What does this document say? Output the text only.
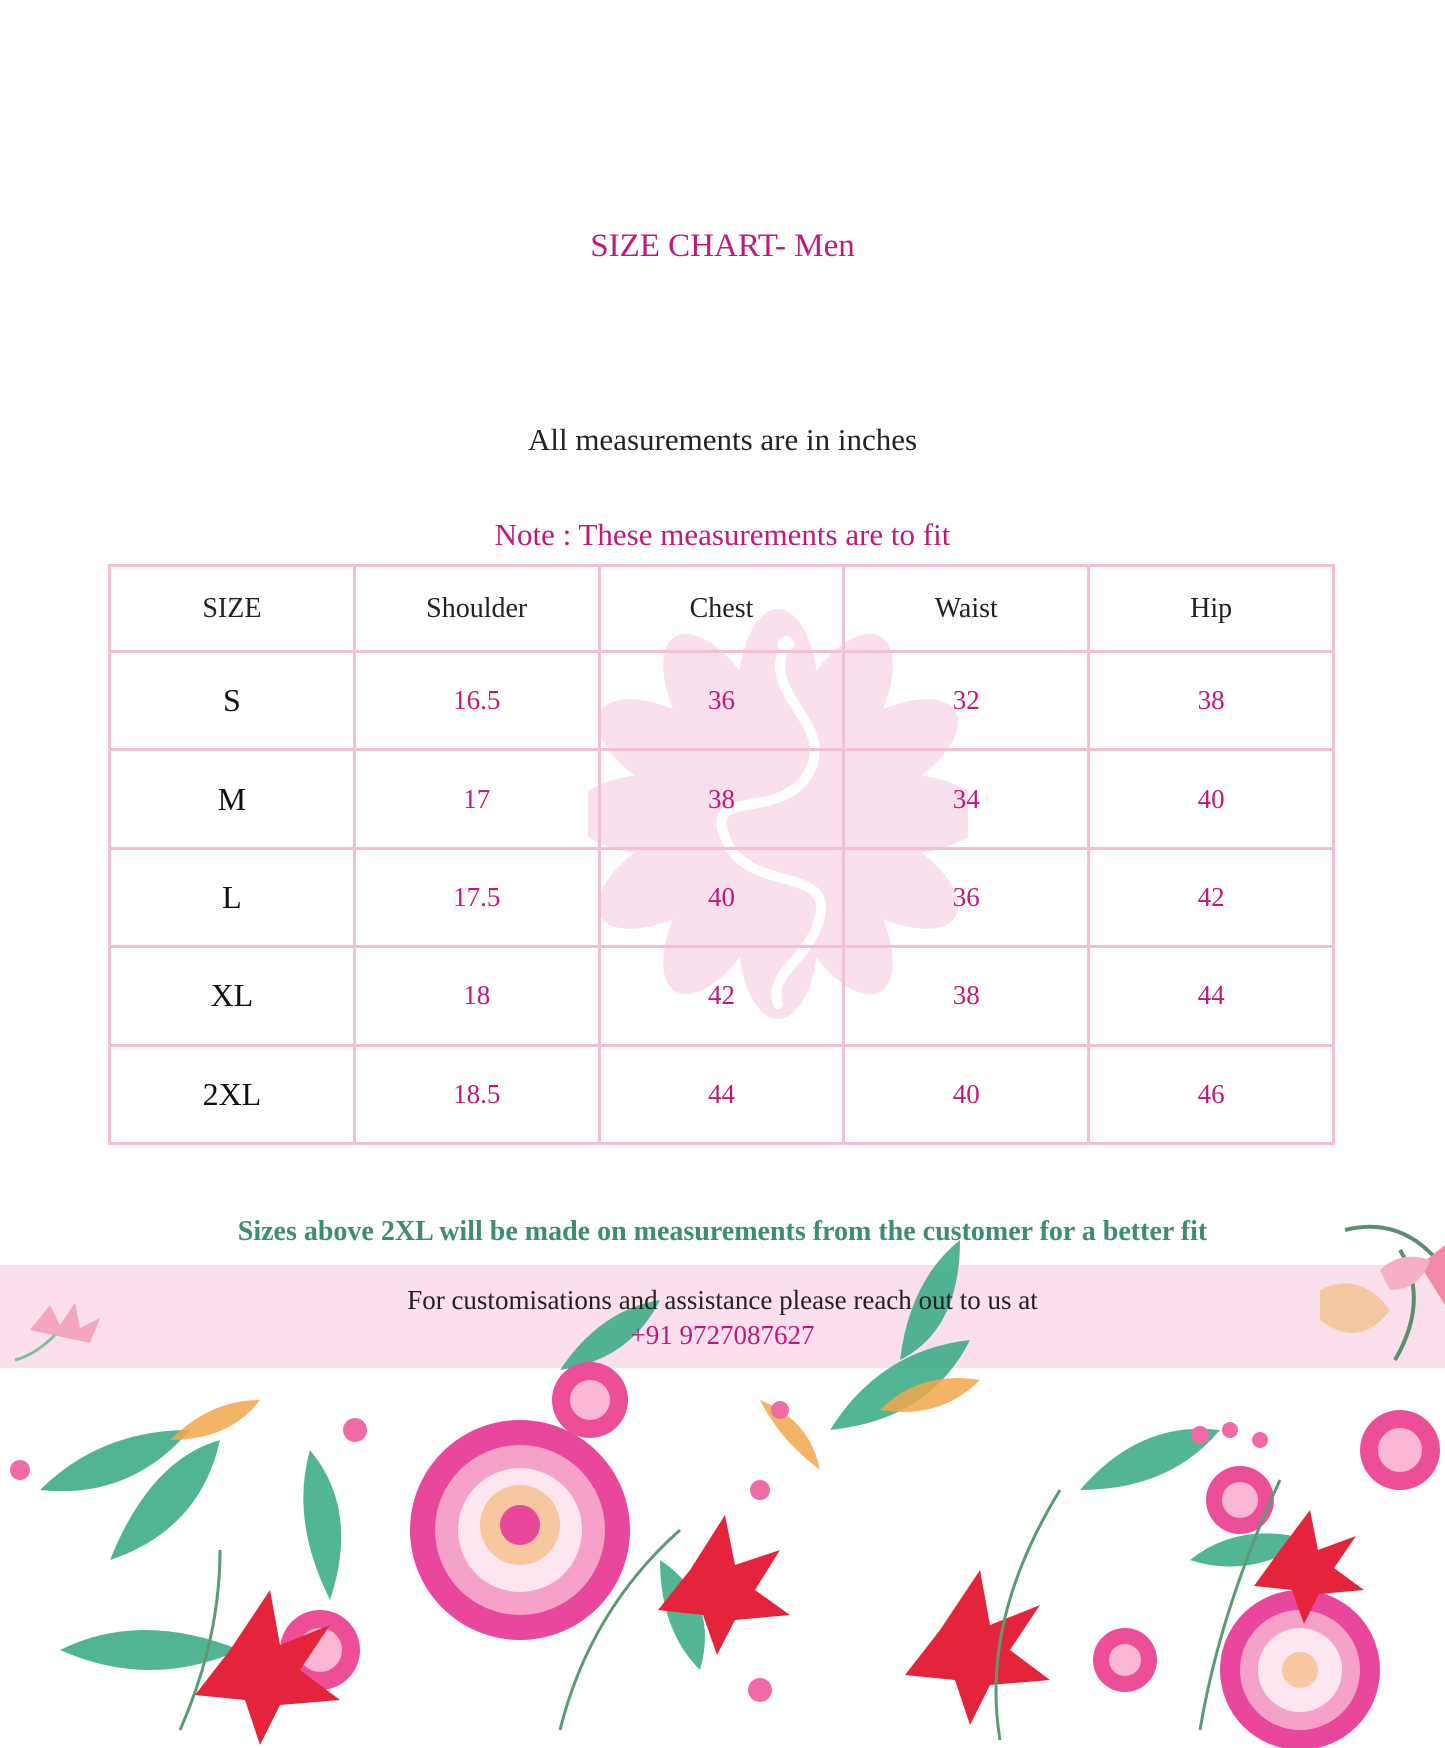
SIZE CHART- Men
All measurements are in inches
Note : These measurements are to fit
SIZE	Shoulder	Chest	Waist	Hip
S	16.5	36	32	38
M	17	38	34	40
L	17.5	40	36	42
XL	18	42	38	44
2XL	18.5	44	40	46
Sizes above 2XL will be made on measurements from the customer for a better fit
For customisations and assistance please reach out to us at
+91 9727087627
